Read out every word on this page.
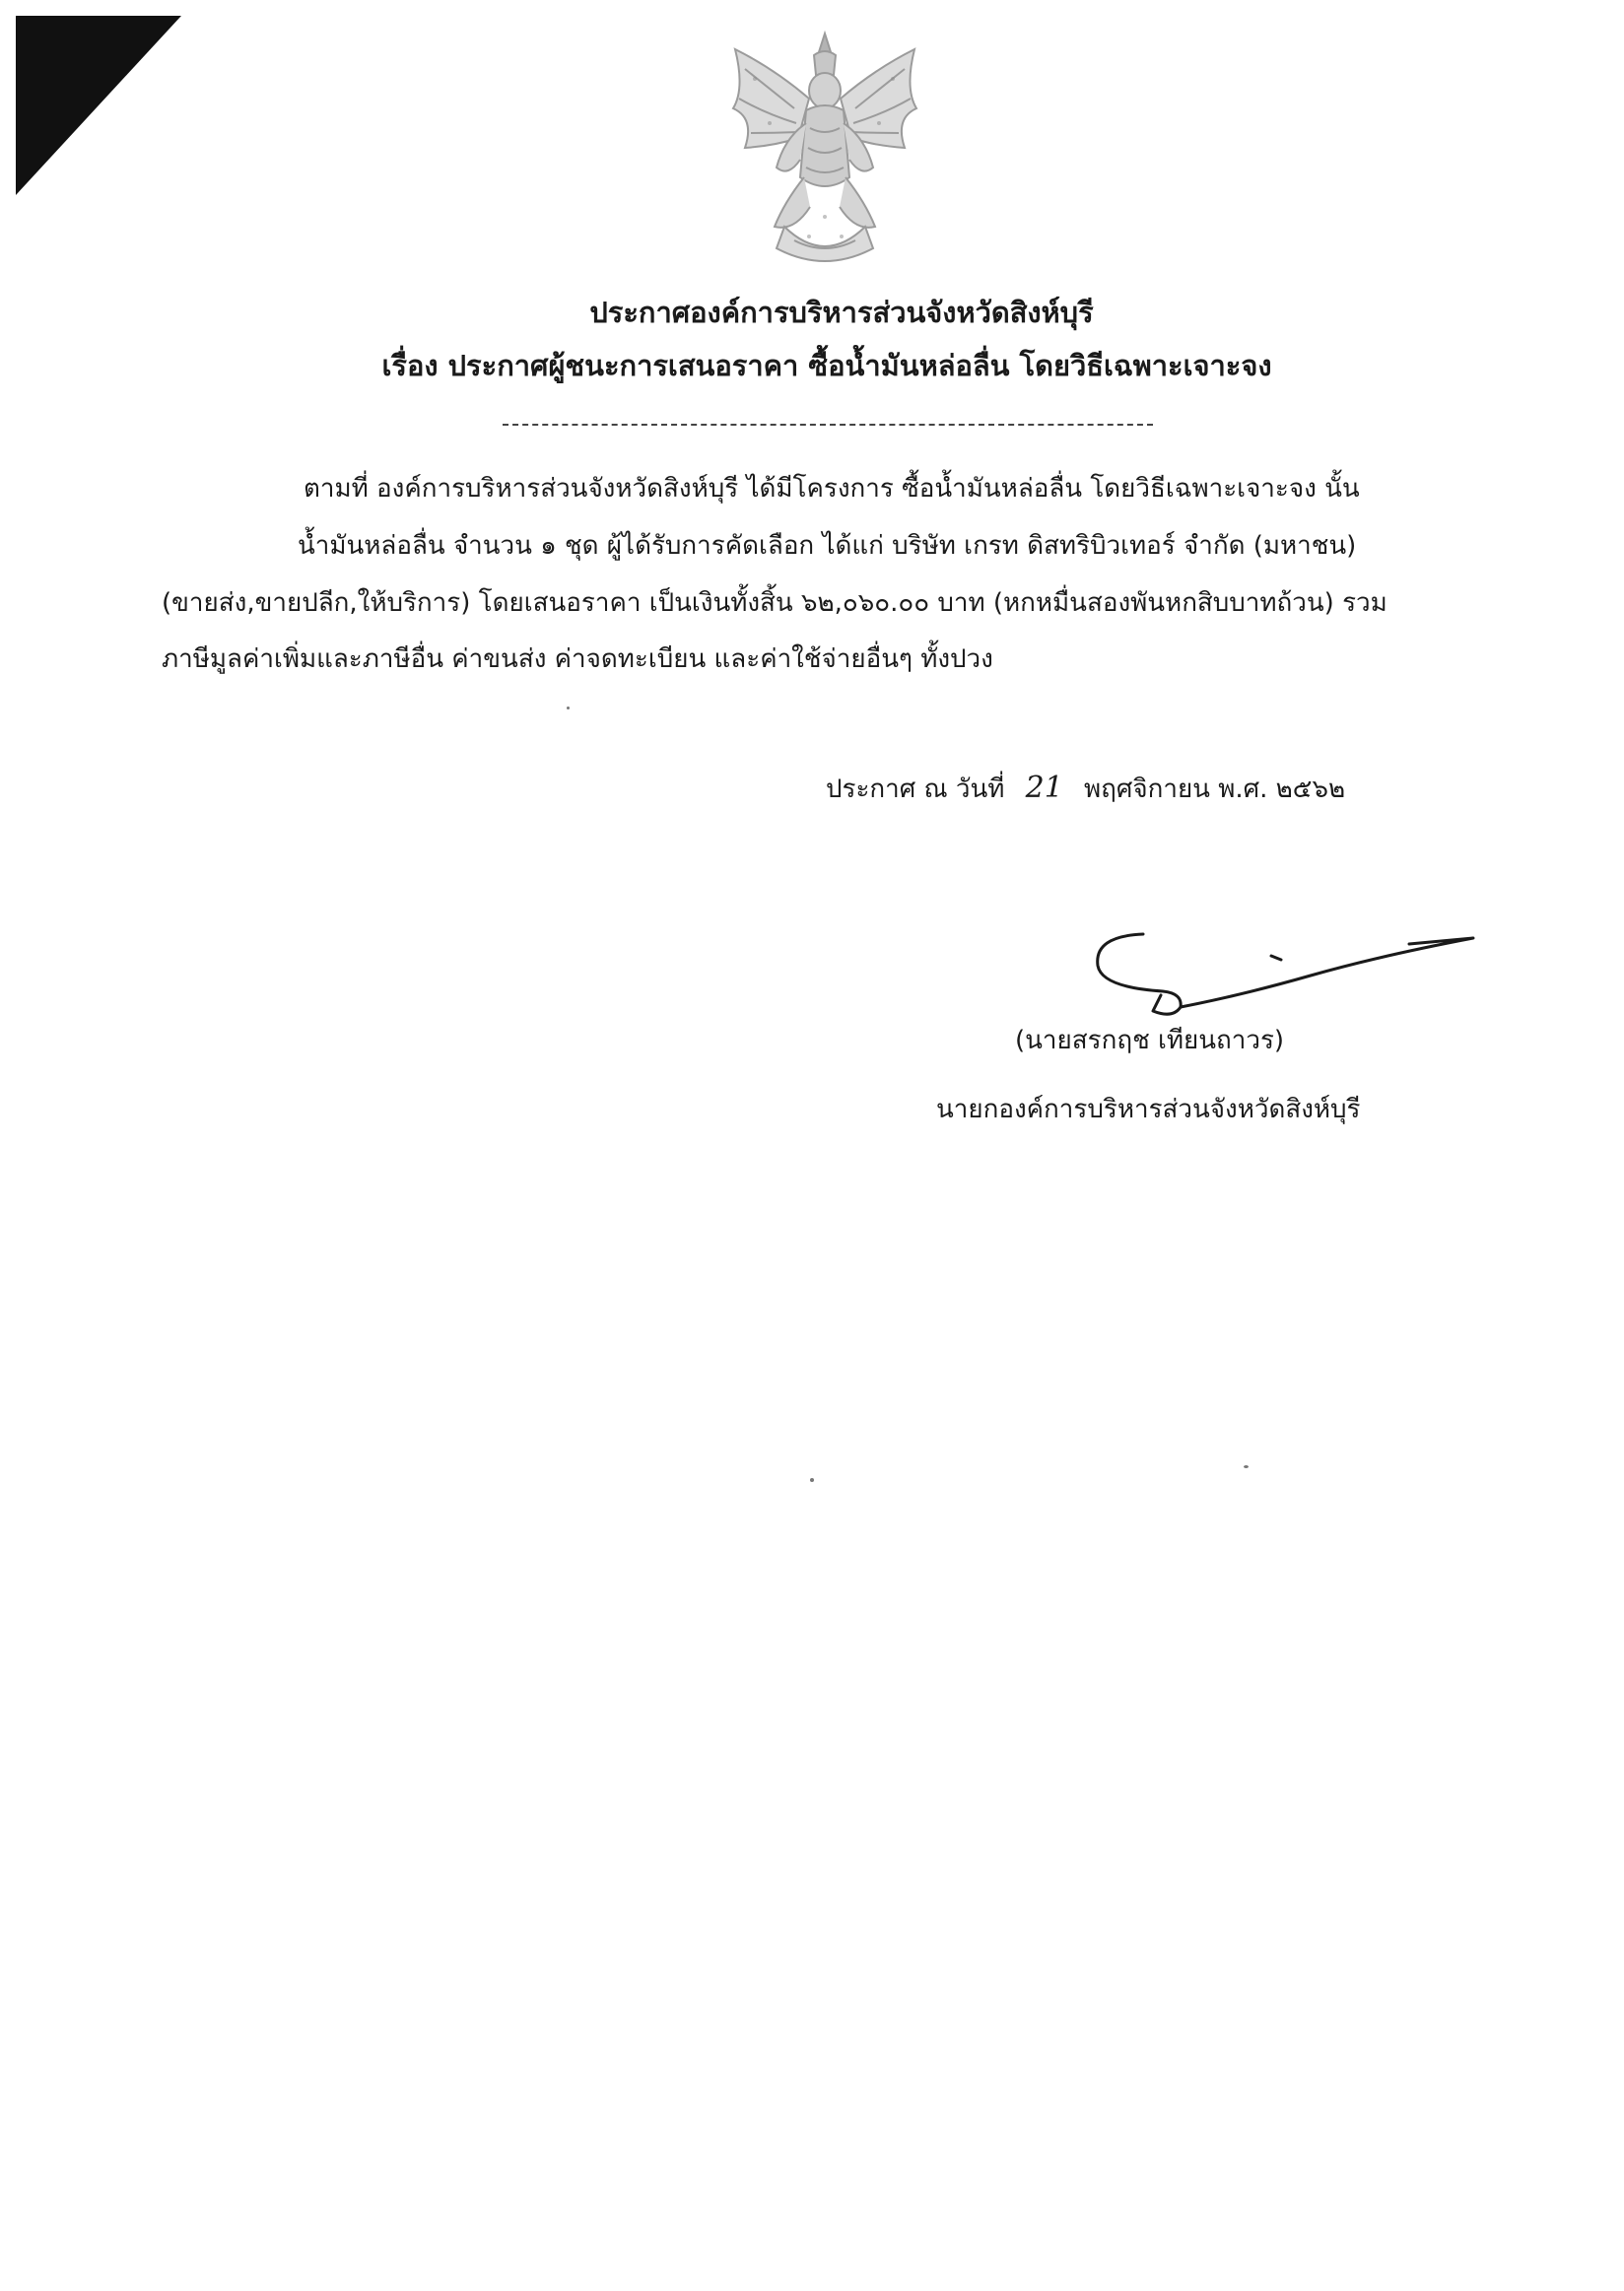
ประกาศองค์การบริหารส่วนจังหวัดสิงห์บุรี
เรื่อง ประกาศผู้ชนะการเสนอราคา ซื้อน้ำมันหล่อลื่น โดยวิธีเฉพาะเจาะจง
ตามที่ องค์การบริหารส่วนจังหวัดสิงห์บุรี ได้มีโครงการ ซื้อน้ำมันหล่อลื่น โดยวิธีเฉพาะเจาะจง นั้น
น้ำมันหล่อลื่น จำนวน ๑ ชุด ผู้ได้รับการคัดเลือก ได้แก่ บริษัท เกรท ดิสทริบิวเทอร์ จำกัด (มหาชน)
(ขายส่ง,ขายปลีก,ให้บริการ) โดยเสนอราคา เป็นเงินทั้งสิ้น ๖๒,๐๖๐.๐๐ บาท (หกหมื่นสองพันหกสิบบาทถ้วน) รวม
ภาษีมูลค่าเพิ่มและภาษีอื่น ค่าขนส่ง ค่าจดทะเบียน และค่าใช้จ่ายอื่นๆ ทั้งปวง
ประกาศ ณ วันที่ 21 พฤศจิกายน พ.ศ. ๒๕๖๒
(นายสรกฤช เทียนถาวร)
นายกองค์การบริหารส่วนจังหวัดสิงห์บุรี
